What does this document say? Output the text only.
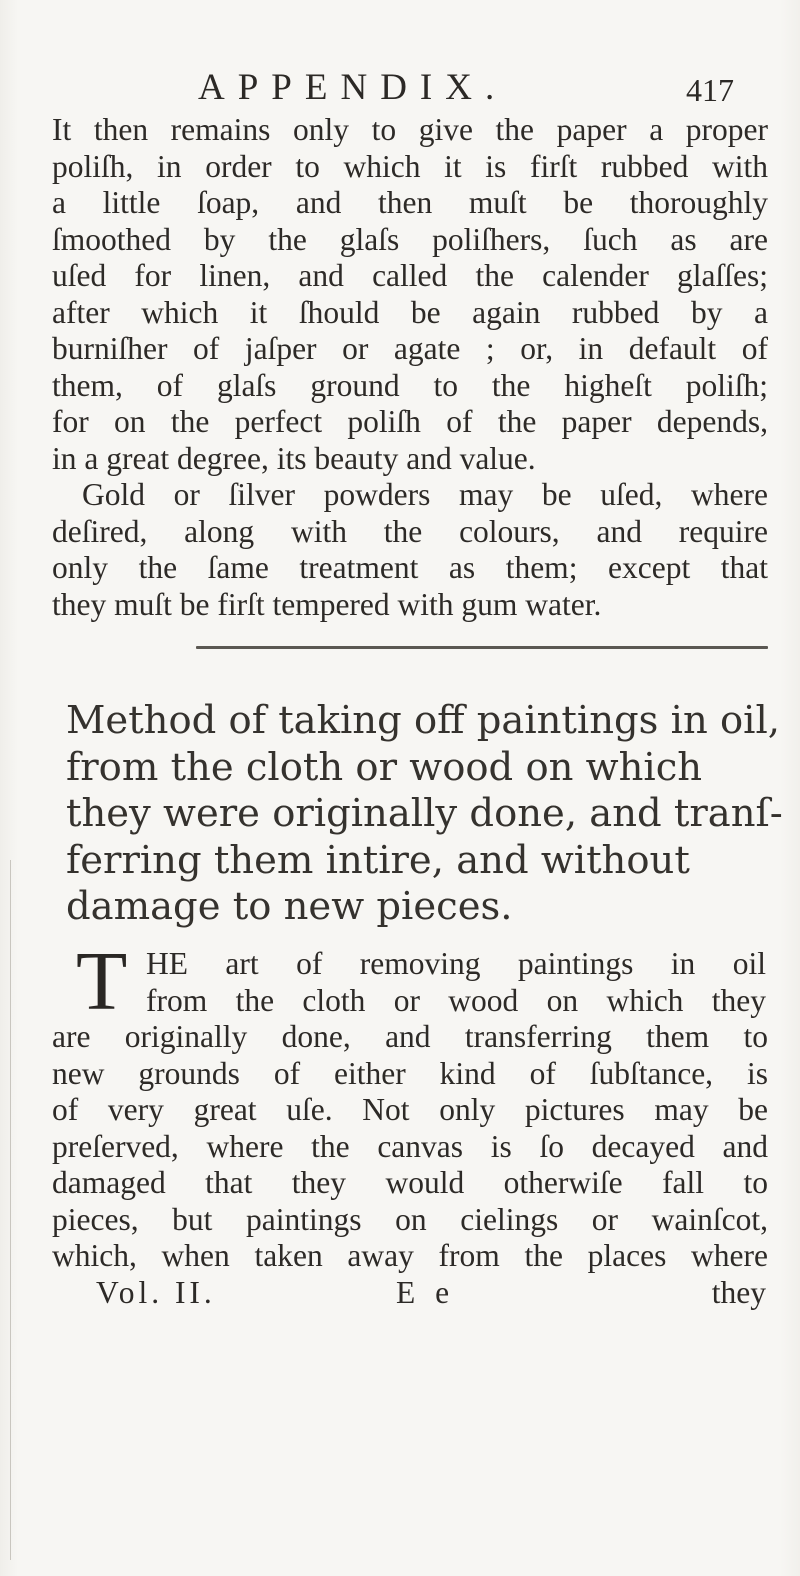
APPENDIX.	417
It then remains only to give the paper a proper
poliſh, in order to which it is firſt rubbed with
a little ſoap, and then muſt be thoroughly
ſmoothed by the glaſs poliſhers, ſuch as are
uſed for linen, and called the calender glaſſes;
after which it ſhould be again rubbed by a
burniſher of jaſper or agate ; or, in default of
them, of glaſs ground to the higheſt poliſh;
for on the perfect poliſh of the paper depends,
in a great degree, its beauty and value.
Gold or ſilver powders may be uſed, where
deſired, along with the colours, and require
only the ſame treatment as them; except that
they muſt be firſt tempered with gum water.
Method of taking off paintings in oil,
from the cloth or wood on which
they were originally done, and tranſ-
ferring them intire, and without
damage to new pieces.
T HE art of removing paintings in oil
from the cloth or wood on which they
are originally done, and transferring them to
new grounds of either kind of ſubſtance, is
of very great uſe. Not only pictures may be
preſerved, where the canvas is ſo decayed and
damaged that they would otherwiſe fall to
pieces, but paintings on cielings or wainſcot,
which, when taken away from the places where
Vol. II.	E e	they
